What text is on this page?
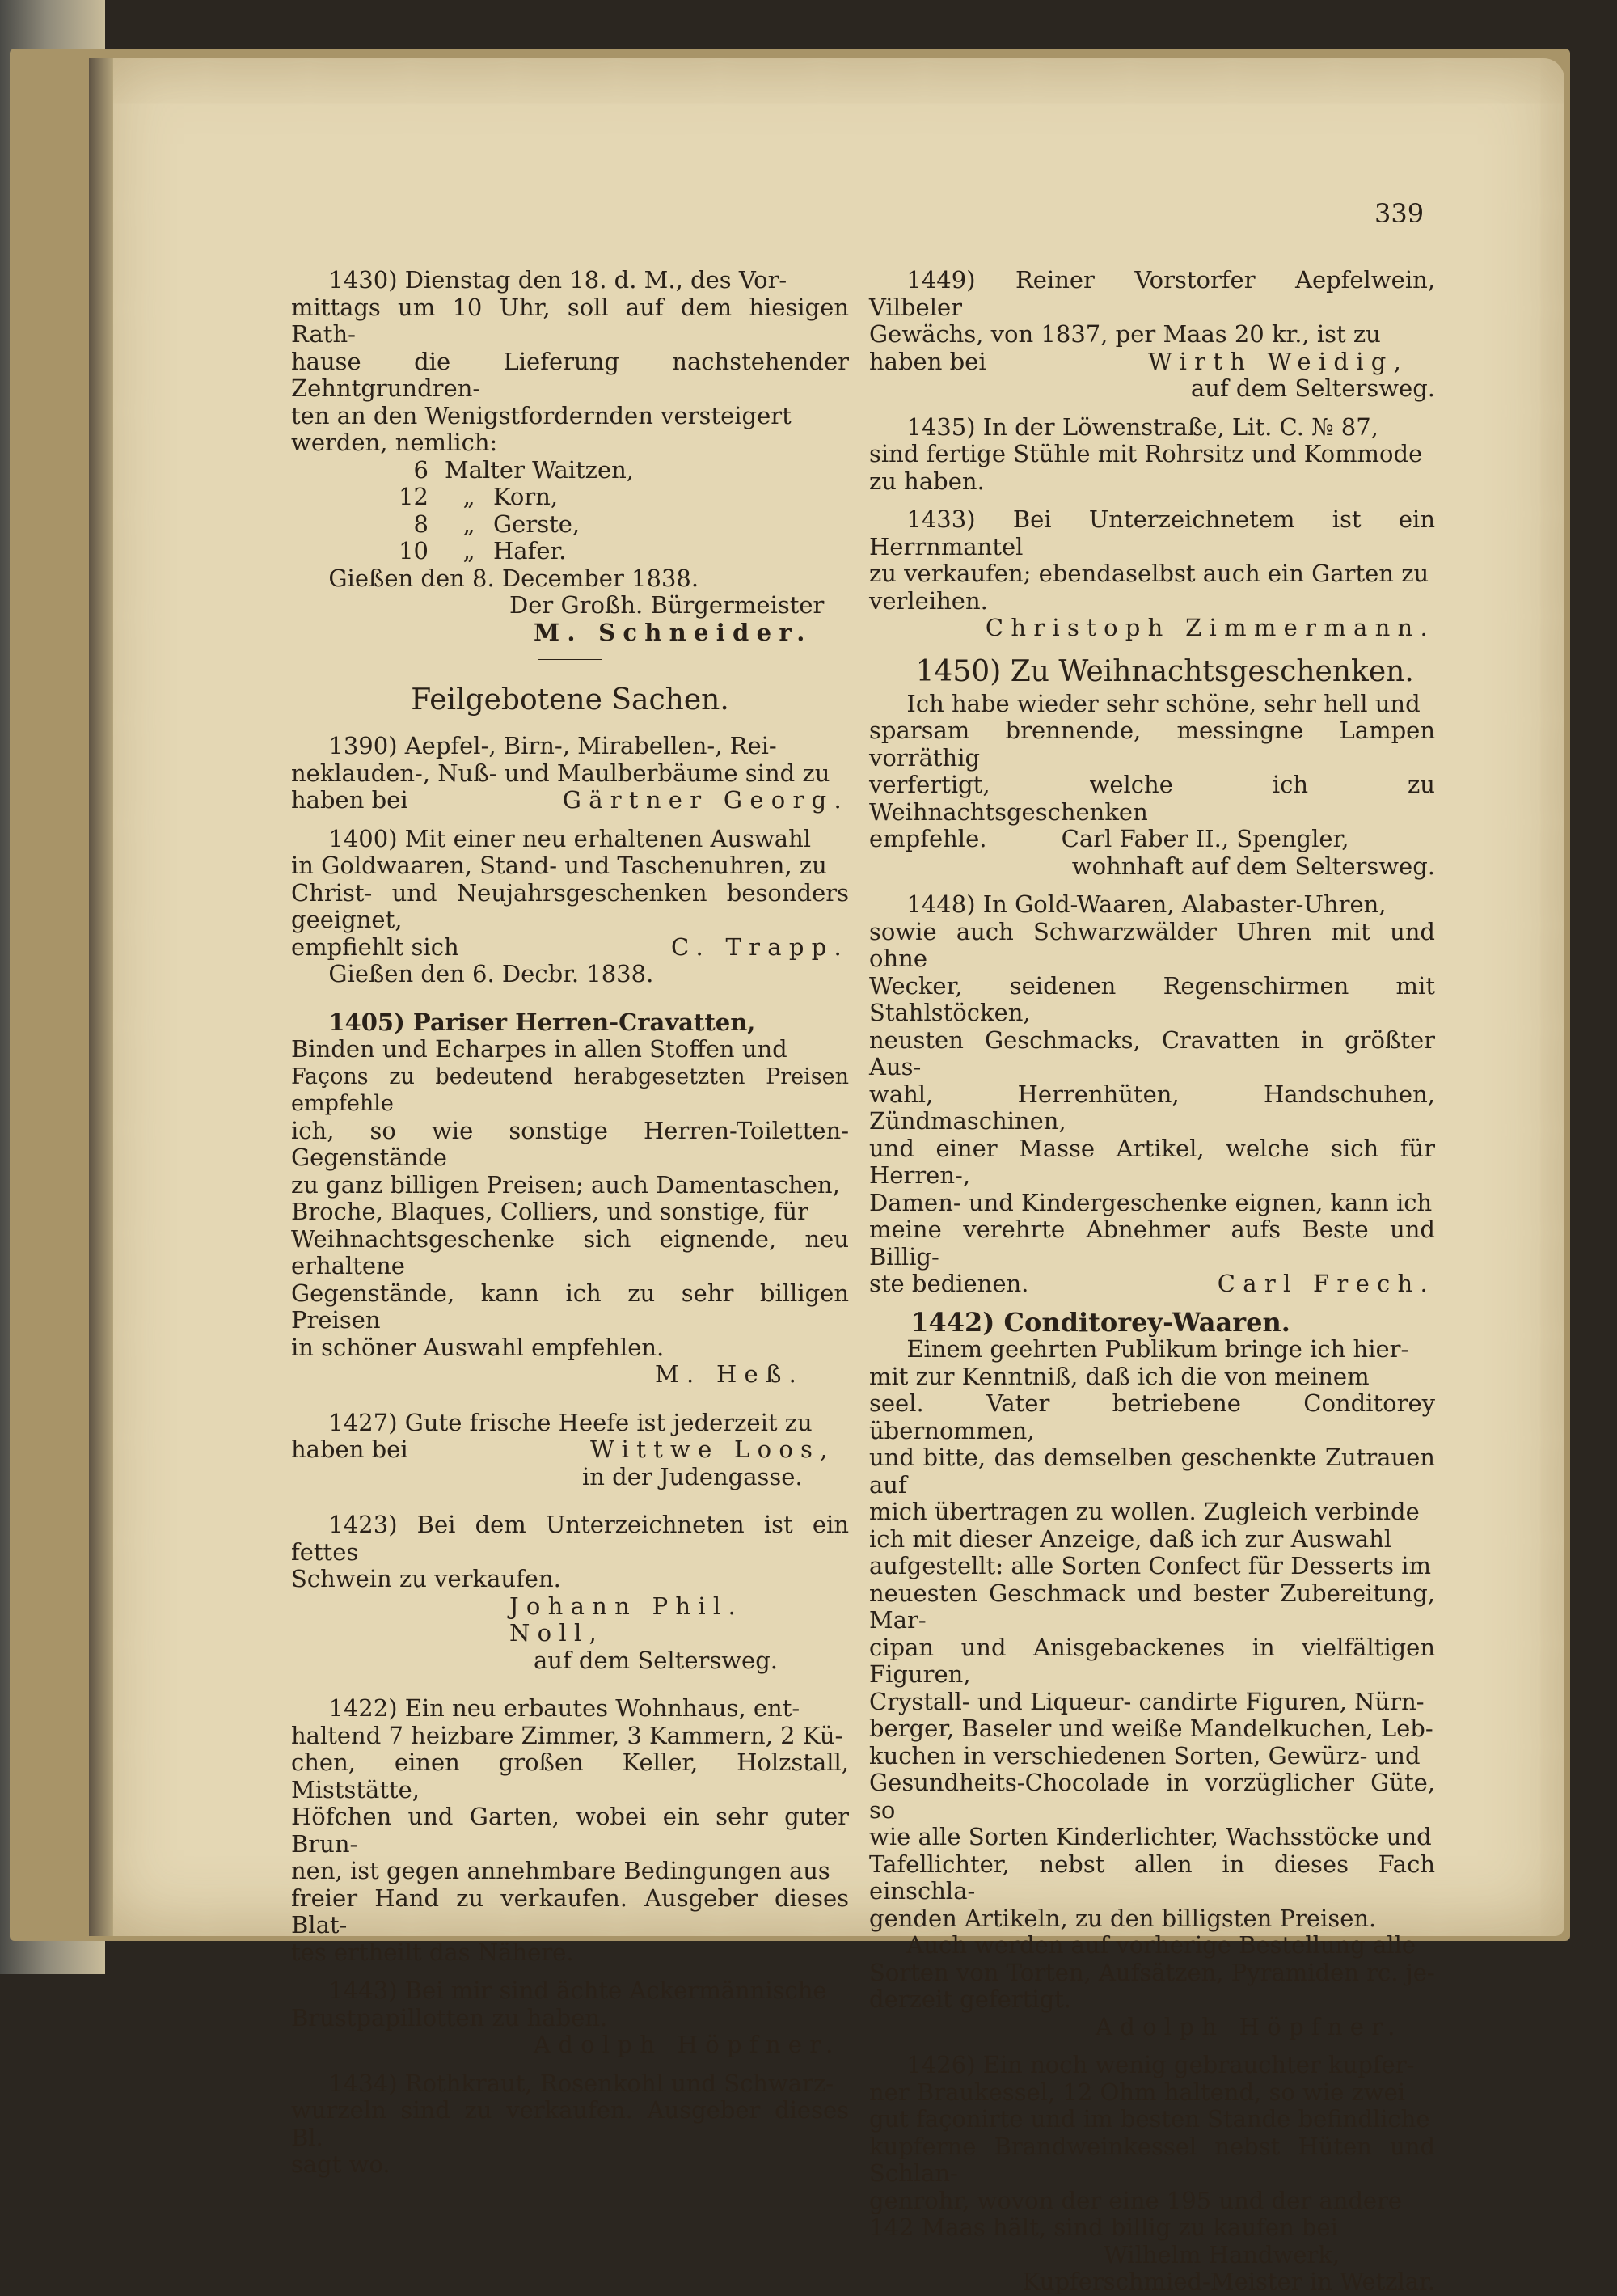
339

1430) Dienstag den 18. d. M., des Vor-

mittags um 10 Uhr, soll auf dem hiesigen Rath-

hause die Lieferung nachstehender Zehntgrundren-

ten an den Wenigstfordernden versteigert

werden, nemlich:

6 Malter Waitzen,
12	„ Korn,
8	„ Gerste,
10	„ Hafer.

Gießen den 8. December 1838.

Der Großh. Bürgermeister

M. Schneider.

Feilgebotene Sachen.

1390) Aepfel-, Birn-, Mirabellen-, Rei-

neklauden-, Nuß- und Maulberbäume sind zu

haben bei	Gärtner Georg.

1400) Mit einer neu erhaltenen Auswahl

in Goldwaaren, Stand- und Taschenuhren, zu

Christ- und Neujahrsgeschenken besonders geeignet,

empfiehlt sich	C. Trapp.

Gießen den 6. Decbr. 1838.

1405) Pariser Herren-Cravatten,

Binden und Echarpes in allen Stoffen und

Façons zu bedeutend herabgesetzten Preisen empfehle

ich, so wie sonstige Herren-Toiletten-Gegenstände

zu ganz billigen Preisen; auch Damentaschen,

Broche, Blaques, Colliers, und sonstige, für

Weihnachtsgeschenke sich eignende, neu erhaltene

Gegenstände, kann ich zu sehr billigen Preisen

in schöner Auswahl empfehlen.

M. Heß.

1427) Gute frische Heefe ist jederzeit zu

haben bei	Wittwe Loos,

in der Judengasse.

1423) Bei dem Unterzeichneten ist ein fettes

Schwein zu verkaufen.

Johann Phil. Noll,

auf dem Seltersweg.

1422) Ein neu erbautes Wohnhaus, ent-

haltend 7 heizbare Zimmer, 3 Kammern, 2 Kü-

chen, einen großen Keller, Holzstall, Miststätte,

Höfchen und Garten, wobei ein sehr guter Brun-

nen, ist gegen annehmbare Bedingungen aus

freier Hand zu verkaufen. Ausgeber dieses Blat-

tes ertheilt das Nähere.

1443) Bei mir sind ächte Ackermännische

Brustpapillotten zu haben.

Adolph Höpfner.

1434) Rothkraut, Rosenkohl und Schwarz-

wurzeln sind zu verkaufen. Ausgeber dieses Bl.

sagt wo.

1449) Reiner Vorstorfer Aepfelwein, Vilbeler

Gewächs, von 1837, per Maas 20 kr., ist zu

haben bei	Wirth Weidig,

auf dem Seltersweg.

1435) In der Löwenstraße, Lit. C. № 87,

sind fertige Stühle mit Rohrsitz und Kommode

zu haben.

1433) Bei Unterzeichnetem ist ein Herrnmantel

zu verkaufen; ebendaselbst auch ein Garten zu

verleihen.

Christoph Zimmermann.

1450) Zu Weihnachtsgeschenken.

Ich habe wieder sehr schöne, sehr hell und

sparsam brennende, messingne Lampen vorräthig

verfertigt, welche ich zu Weihnachtsgeschenken

empfehle.          Carl Faber II., Spengler,

wohnhaft auf dem Seltersweg.

1448) In Gold-Waaren, Alabaster-Uhren,

sowie auch Schwarzwälder Uhren mit und ohne

Wecker, seidenen Regenschirmen mit Stahlstöcken,

neusten Geschmacks, Cravatten in größter Aus-

wahl, Herrenhüten, Handschuhen, Zündmaschinen,

und einer Masse Artikel, welche sich für Herren-,

Damen- und Kindergeschenke eignen, kann ich

meine verehrte Abnehmer aufs Beste und Billig-

ste bedienen.	Carl Frech.

1442) Conditorey-Waaren.

Einem geehrten Publikum bringe ich hier-

mit zur Kenntniß, daß ich die von meinem

seel. Vater betriebene Conditorey übernommen,

und bitte, das demselben geschenkte Zutrauen auf

mich übertragen zu wollen. Zugleich verbinde

ich mit dieser Anzeige, daß ich zur Auswahl

aufgestellt: alle Sorten Confect für Desserts im

neuesten Geschmack und bester Zubereitung, Mar-

cipan und Anisgebackenes in vielfältigen Figuren,

Crystall- und Liqueur- candirte Figuren, Nürn-

berger, Baseler und weiße Mandelkuchen, Leb-

kuchen in verschiedenen Sorten, Gewürz- und

Gesundheits-Chocolade in vorzüglicher Güte, so

wie alle Sorten Kinderlichter, Wachsstöcke und

Tafellichter, nebst allen in dieses Fach einschla-

genden Artikeln, zu den billigsten Preisen.

Auch werden auf vorherige Bestellung alle

Sorten von Torten, Aufsätzen, Pyramiden rc. je-

derzeit gefertigt.

Adolph Höpfner.

1426) Ein noch wenig gebrauchter kupfer-

ner Braukessel, 12 Ohm haltend, so wie zwei

gut façonirte und im besten Stande befindliche

kupferne Brandweinkessel nebst Hüten und Schlan-

genrohr, wovon der eine 195 und der andere

142 Maas hält, sind billig zu kaufen bei

Wilhelm Handwerk,

Kupferschmied-Meister in Wetzlar.
